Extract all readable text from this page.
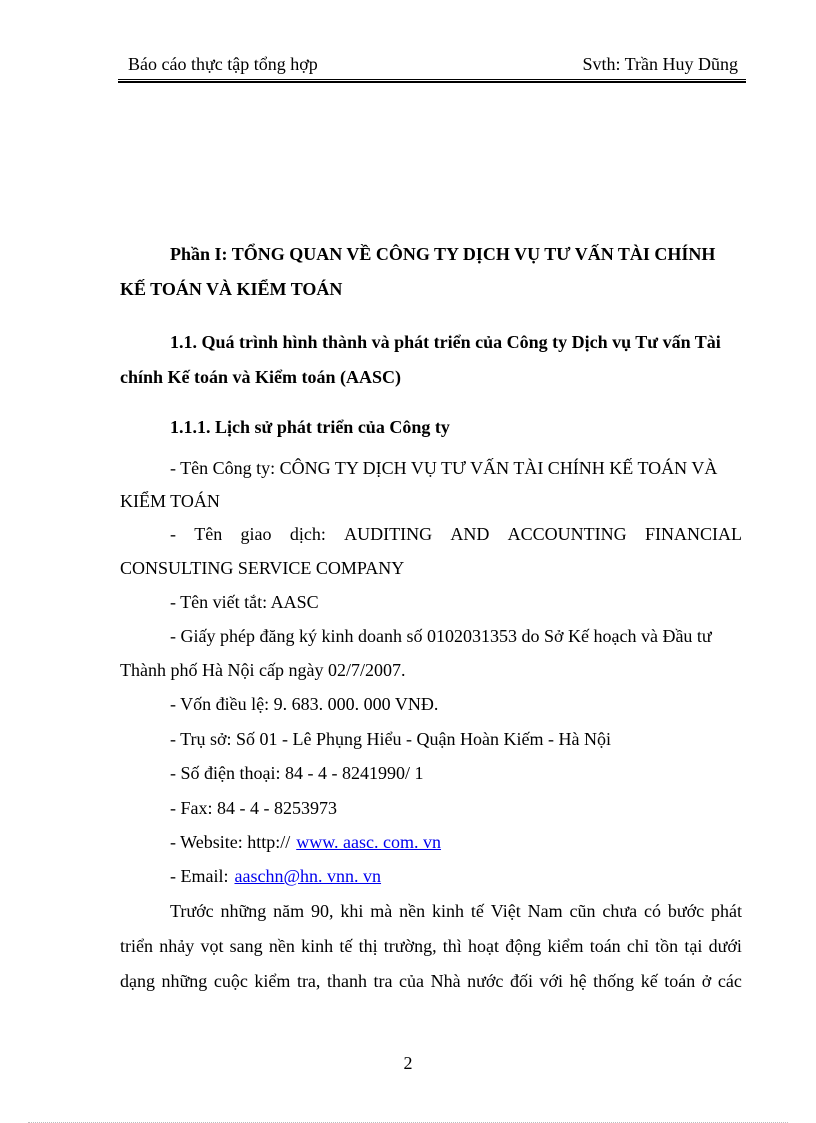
Báo cáo thực tập tổng hợp	Svth: Trần Huy Dũng
Phần I: TỔNG QUAN VỀ CÔNG TY DỊCH VỤ TƯ VẤN TÀI CHÍNH
KẾ TOÁN VÀ KIỂM TOÁN
1.1. Quá trình hình thành và phát triển của Công ty Dịch vụ Tư vấn Tài
chính Kế toán và Kiểm toán (AASC)
1.1.1. Lịch sử phát triển của Công ty
- Tên Công ty: CÔNG TY DỊCH VỤ TƯ VẤN TÀI CHÍNH KẾ TOÁN VÀ
KIỂM TOÁN
- Tên giao dịch: AUDITING AND ACCOUNTING FINANCIAL
CONSULTING SERVICE COMPANY
- Tên viết tắt: AASC
- Giấy phép đăng ký kinh doanh số 0102031353 do Sở Kế hoạch và Đầu tư
Thành phố Hà Nội cấp ngày 02/7/2007.
- Vốn điều lệ: 9. 683. 000. 000 VNĐ.
- Trụ sở: Số 01 - Lê Phụng Hiểu - Quận Hoàn Kiếm - Hà Nội
- Số điện thoại: 84 - 4 - 8241990/ 1
- Fax: 84 - 4 - 8253973
- Website: http:// www. aasc. com. vn
- Email: aaschn@hn. vnn. vn
Trước những năm 90, khi mà nền kinh tế Việt Nam cũn chưa có bước phát
triển nhảy vọt sang nền kinh tế thị trường, thì hoạt động kiểm toán chỉ tồn tại dưới
dạng những cuộc kiểm tra, thanh tra của Nhà nước đối với hệ thống kế toán ở các
2
